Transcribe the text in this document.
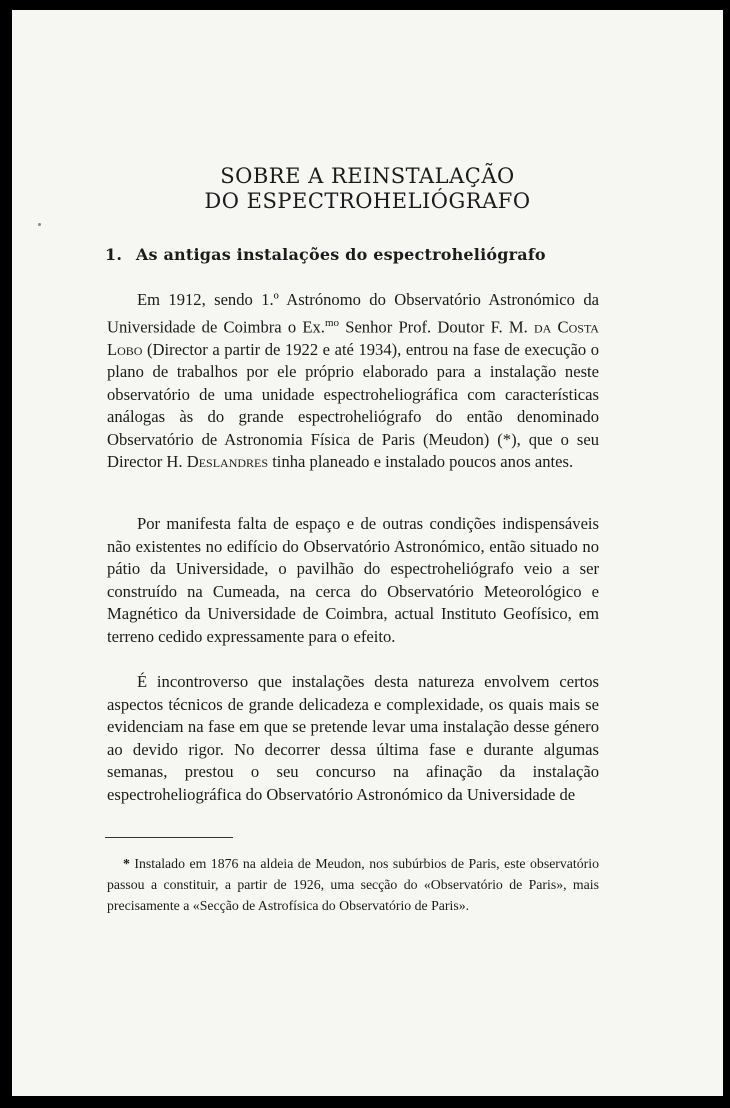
SOBRE A REINSTALAÇÃO
DO ESPECTROHELIÓGRAFO
1. As antigas instalações do espectroheliógrafo
Em 1912, sendo 1.º Astrónomo do Observatório Astronómico da Universidade de Coimbra o Ex.$^{mo}$ Senhor Prof. Doutor F. M. da Costa Lobo (Director a partir de 1922 e até 1934), entrou na fase de execução o plano de trabalhos por ele próprio elaborado para a instalação neste observatório de uma unidade espectroheliográfica com características análogas às do grande espectroheliógrafo do então denominado Observatório de Astronomia Física de Paris (Meudon) (*), que o seu Director H. Deslandres tinha planeado e instalado poucos anos antes.
Por manifesta falta de espaço e de outras condições indispensáveis não existentes no edifício do Observatório Astronómico, então situado no pátio da Universidade, o pavilhão do espectroheliógrafo veio a ser construído na Cumeada, na cerca do Observatório Meteorológico e Magnético da Universidade de Coimbra, actual Instituto Geofísico, em terreno cedido expressamente para o efeito.
É incontroverso que instalações desta natureza envolvem certos aspectos técnicos de grande delicadeza e complexidade, os quais mais se evidenciam na fase em que se pretende levar uma instalação desse género ao devido rigor. No decorrer dessa última fase e durante algumas semanas, prestou o seu concurso na afinação da instalação espectroheliográfica do Observatório Astronómico da Universidade de
* Instalado em 1876 na aldeia de Meudon, nos subúrbios de Paris, este observatório passou a constituir, a partir de 1926, uma secção do «Observatório de Paris», mais precisamente a «Secção de Astrofísica do Observatório de Paris».
